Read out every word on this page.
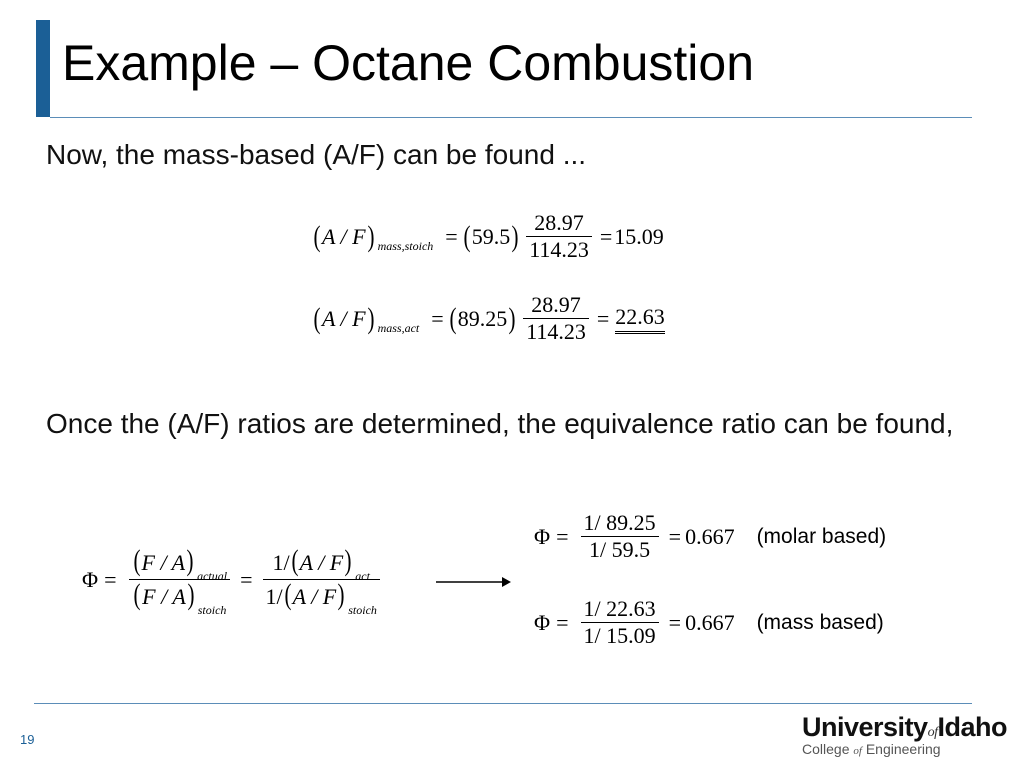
Example – Octane Combustion
Now, the mass-based (A/F) can be found ...
( A / F ) mass,stoich = ( 59.5 ) $\frac{28.97}{114.23} = 15.09$
( A / F ) mass,act = ( 89.25 ) $\frac{28.97}{114.23} = 22.63$
Once the (A/F) ratios are determined, the equivalence ratio can be found,
$\Phi = \frac{(F / A) _{actual}}{(F / A) _{stoich}} = \frac{1/(A / F) _{act}}{1/(A / F) _{stoich}}$
$\Phi = \frac{1/ 89.25}{1/ 59.5} = 0.667$ (molar based)
$\Phi = \frac{1/ 22.63}{1/ 15.09} = 0.667$ (mass based)
19	UniversityofIdaho
College of Engineering
